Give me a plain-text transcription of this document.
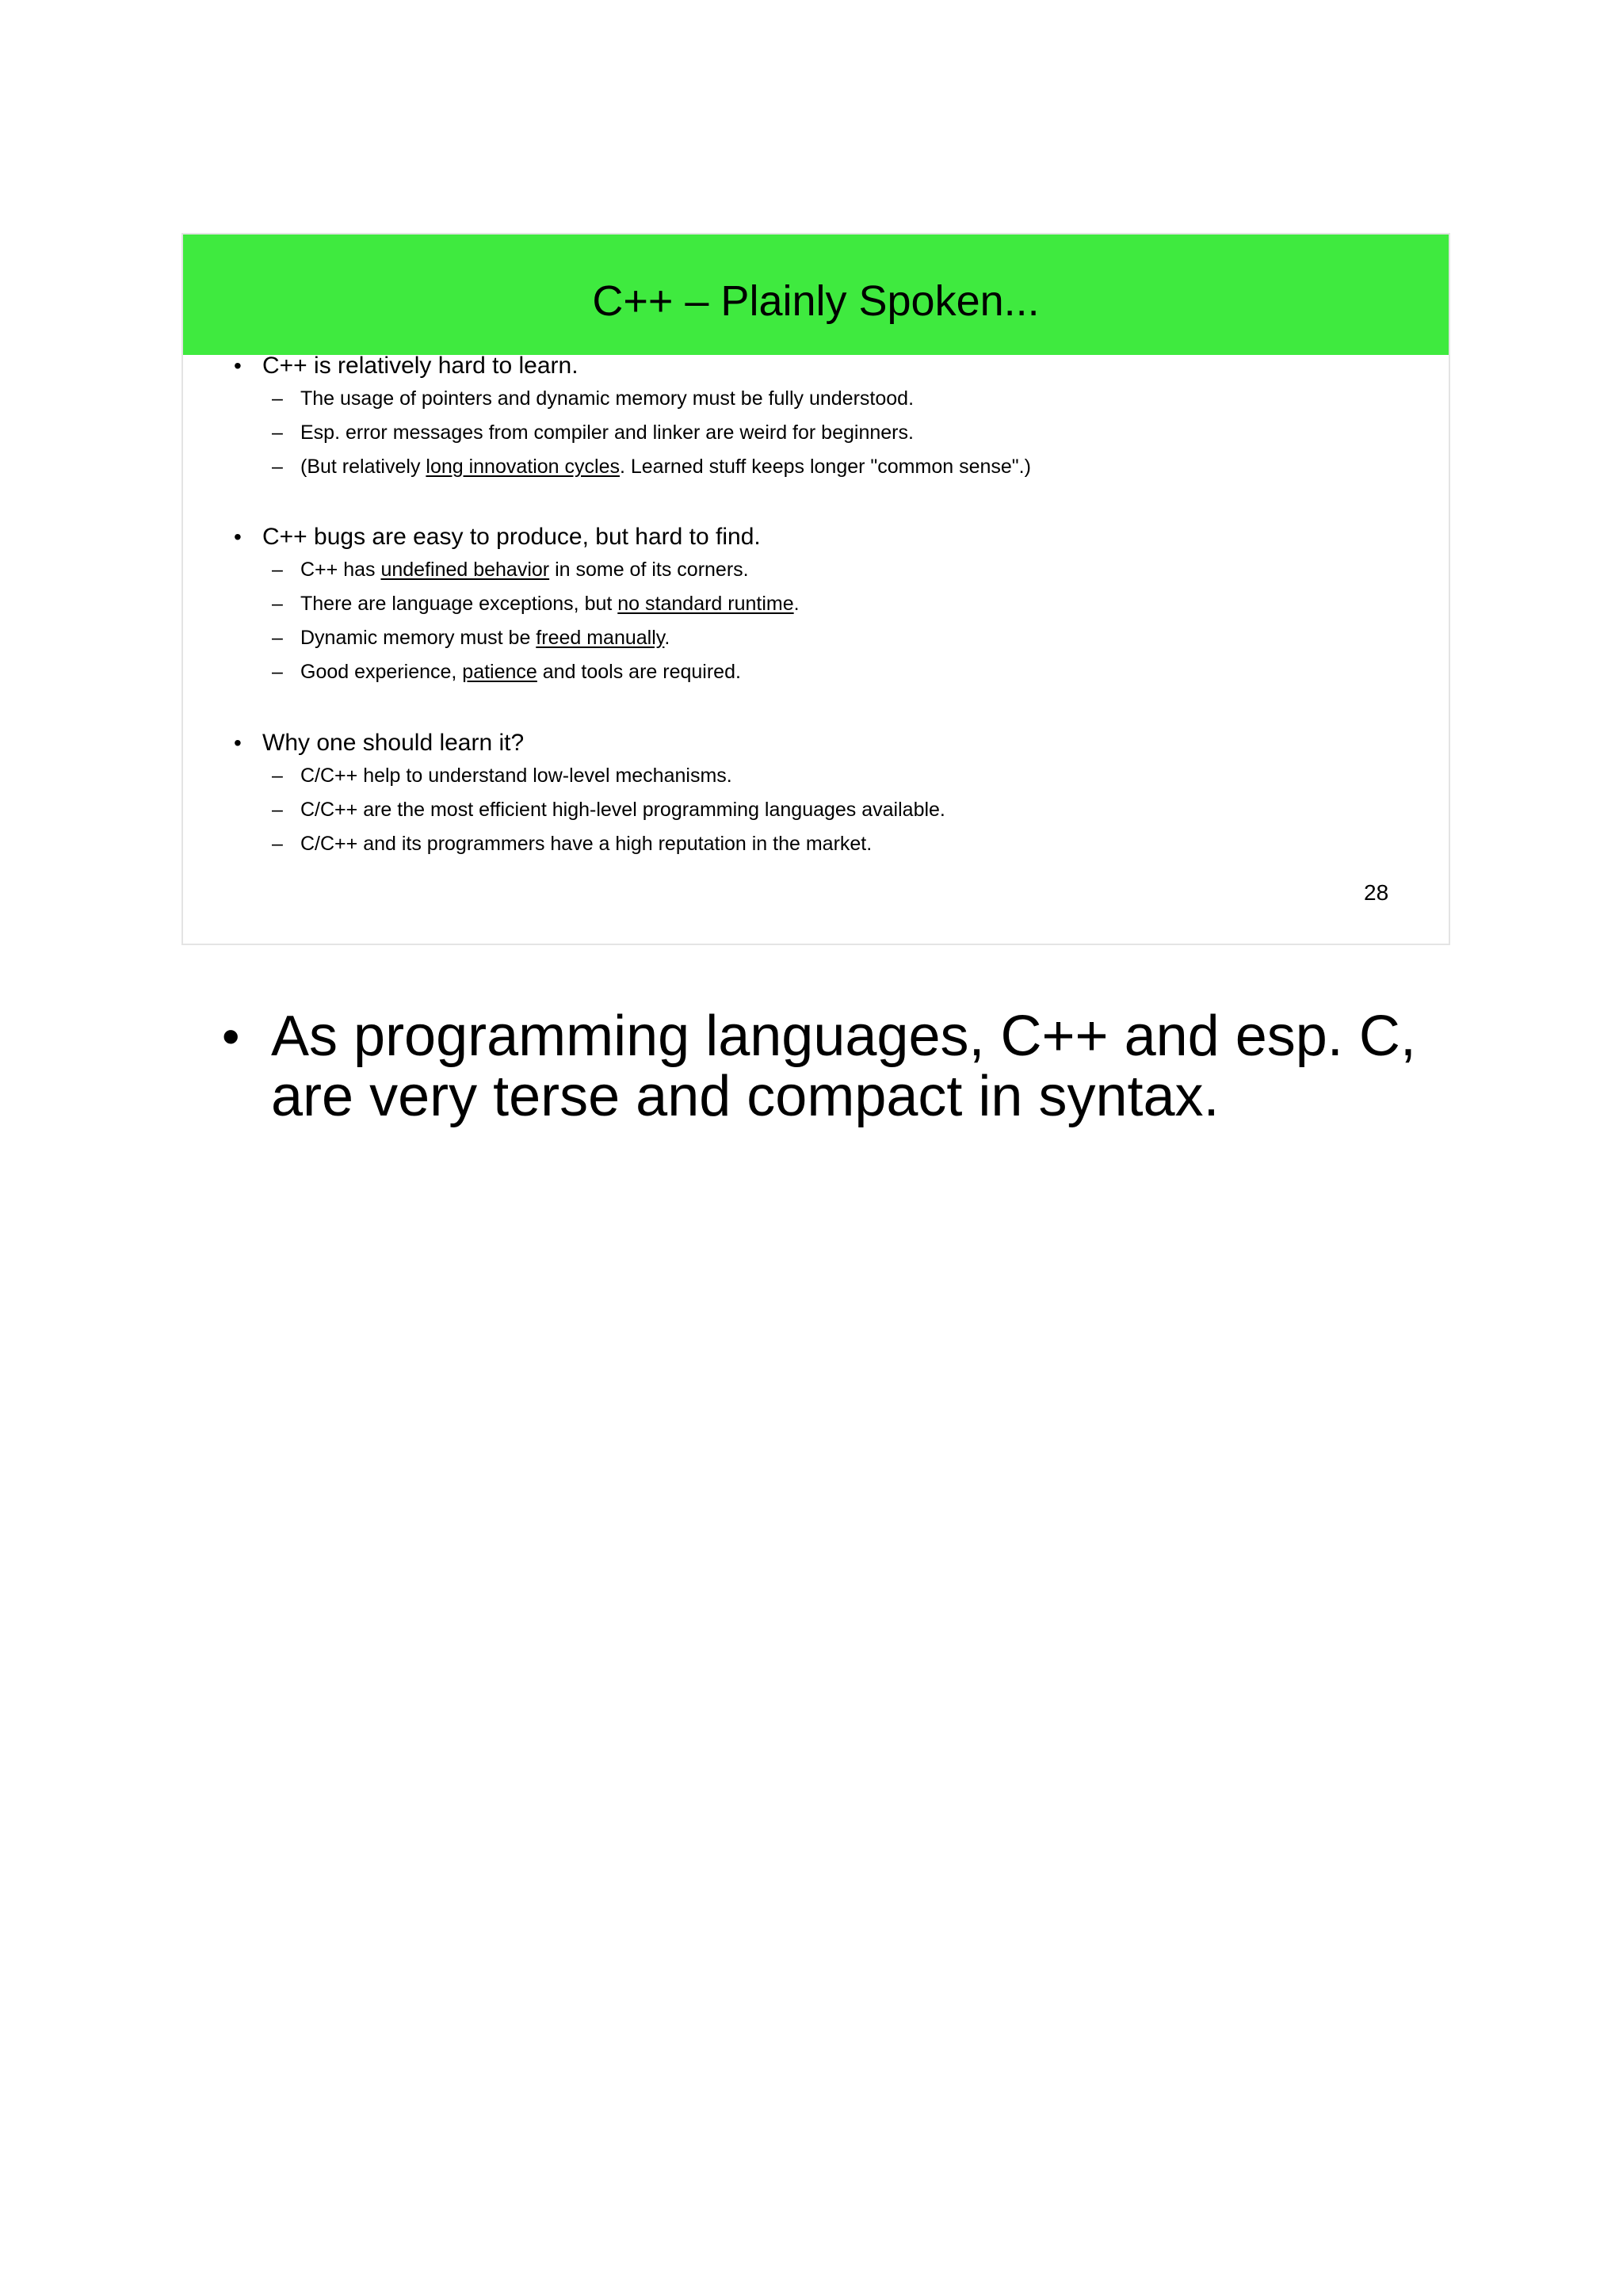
C++ – Plainly Spoken...
• C++ is relatively hard to learn.
– The usage of pointers and dynamic memory must be fully understood.
– Esp. error messages from compiler and linker are weird for beginners.
– (But relatively long innovation cycles. Learned stuff keeps longer "common sense".)
• C++ bugs are easy to produce, but hard to find.
– C++ has undefined behavior in some of its corners.
– There are language exceptions, but no standard runtime.
– Dynamic memory must be freed manually.
– Good experience, patience and tools are required.
• Why one should learn it?
– C/C++ help to understand low-level mechanisms.
– C/C++ are the most efficient high-level programming languages available.
– C/C++ and its programmers have a high reputation in the market.
28
• As programming languages, C++ and esp. C, are very terse and compact in syntax.
